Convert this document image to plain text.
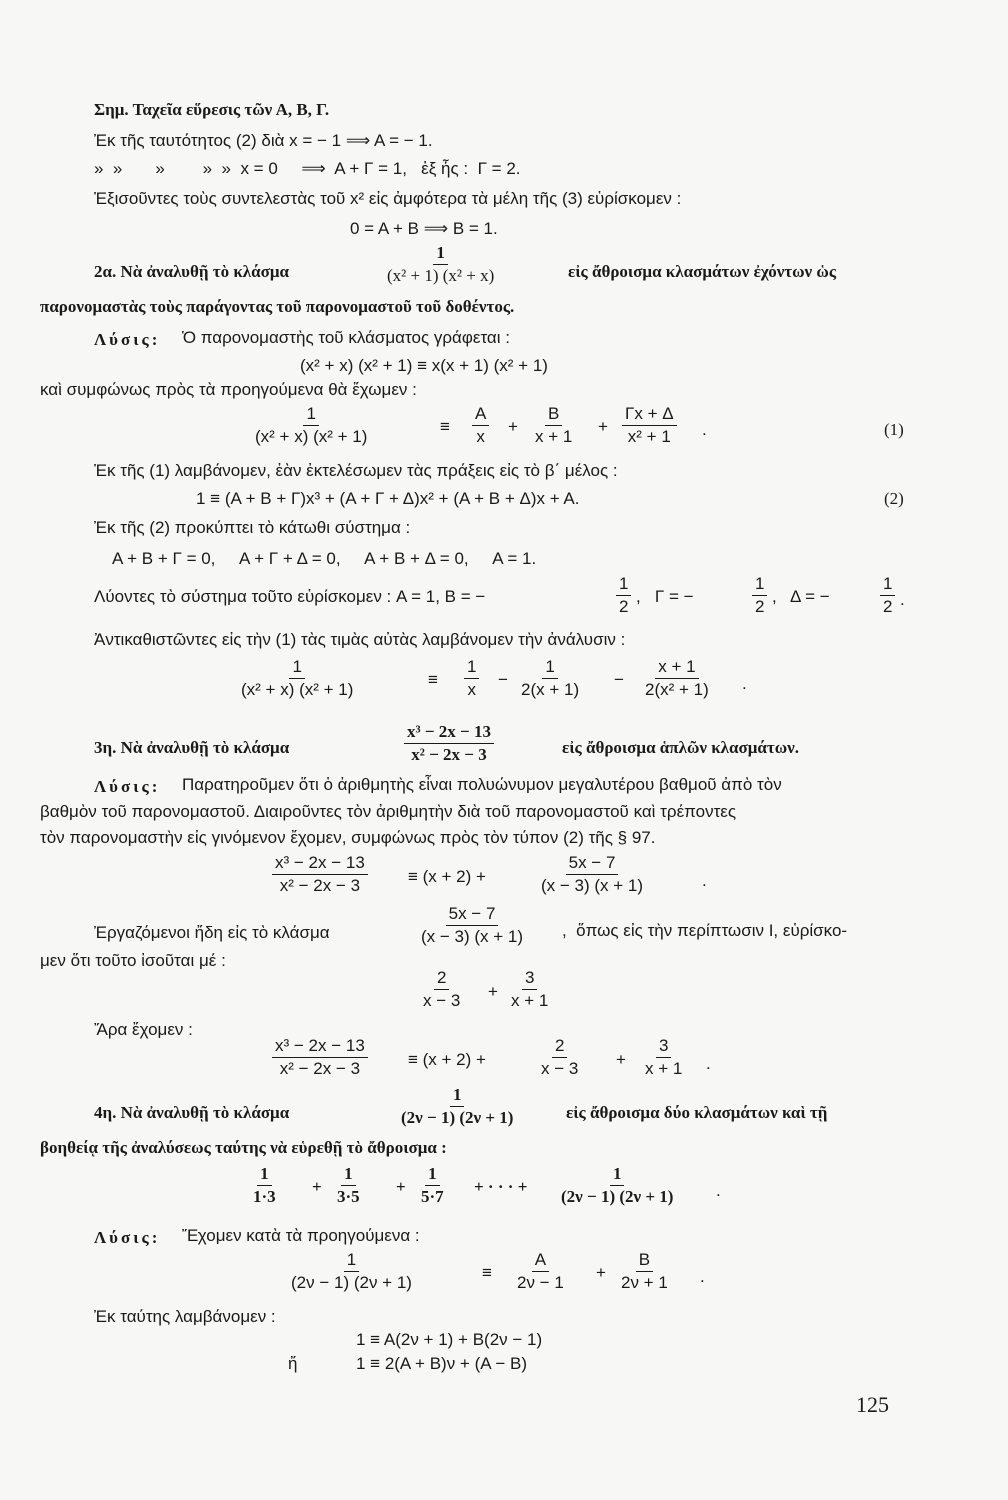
Σημ. Ταχεῖα εὕρεσις τῶν Α, Β, Γ.
Ἐκ τῆς ταυτότητος (2) διὰ x = − 1 ⟹ A = − 1.
»  »       »        »  »  x = 0     ⟹  A + Γ = 1,   ἐξ ἧς :  Γ = 2.
Ἐξισοῦντες τοὺς συντελεστὰς τοῦ x² εἰς ἀμφότερα τὰ μέλη τῆς (3) εὑρίσκομεν :
0 = A + B ⟹ B = 1.
2α. Νὰ ἀναλυθῇ τὸ κλάσμα	$\frac{1}{\text{(x² + 1) (x² + x)}}$	εἰς ἄθροισμα κλασμάτων ἐχόντων ὡς
παρονομαστὰς τοὺς παράγοντας τοῦ παρονομαστοῦ τοῦ δοθέντος.
Λύσις: Ὁ παρονομαστὴς τοῦ κλάσματος γράφεται :
(x² + x) (x² + 1) ≡ x(x + 1) (x² + 1)
καὶ συμφώνως πρὸς τὰ προηγούμενα θὰ ἔχωμεν :
$\frac{1}{\text{(x² + x) (x² + 1)}}$	≡ $\frac{A}{x} + \frac{B}{x + 1} + \frac{\Gamma x + \Delta}{\text{x² + 1}}$ .	(1)
Ἐκ τῆς (1) λαμβάνομεν, ἐὰν ἐκτελέσωμεν τὰς πράξεις εἰς τὸ β΄ μέλος :
1 ≡ (A + B + Γ)x³ + (A + Γ + Δ)x² + (A + B + Δ)x + A.	(2)
Ἐκ τῆς (2) προκύπτει τὸ κάτωθι σύστημα :
A + B + Γ = 0,     A + Γ + Δ = 0,     A + B + Δ = 0,     A = 1.
Λύοντες τὸ σύστημα τοῦτο εὑρίσκομεν : A = 1, B = −	$\frac{1}{2}$ ,   Γ = −	$\frac{1}{2}$ ,   Δ = −	$\frac{1}{2}$ .
Ἀντικαθιστῶντες εἰς τὴν (1) τὰς τιμὰς αὐτὰς λαμβάνομεν τὴν ἀνάλυσιν :
$\frac{1}{\text{(x² + x) (x² + 1)}}$	≡ $\frac{1}{x} - \frac{1}{2(x + 1)} - \frac{x + 1}{\text{2(x² + 1)}}$ .
3η. Νὰ ἀναλυθῇ τὸ κλάσμα	$\frac{\text{x³ − 2x − 13}}{\text{x² − 2x − 3}}$	εἰς ἄθροισμα ἁπλῶν κλασμάτων.
Λύσις: Παρατηροῦμεν ὅτι ὁ ἀριθμητὴς εἶναι πολυώνυμον μεγαλυτέρου βαθμοῦ ἀπὸ τὸν
βαθμὸν τοῦ παρονομαστοῦ. Διαιροῦντες τὸν ἀριθμητὴν διὰ τοῦ παρονομαστοῦ καὶ τρέποντες
τὸν παρονομαστὴν εἰς γινόμενον ἔχομεν, συμφώνως πρὸς τὸν τύπον (2) τῆς § 97.
$\frac{\text{x³ − 2x − 13}}{\text{x² − 2x − 3}} \equiv (x + 2)$ +	$\frac{5x - 7}{(x - 3) (x + 1)}$	.
Ἐργαζόμενοι ἤδη εἰς τὸ κλάσμα	$\frac{5x - 7}{(x - 3) (x + 1)}$ ,  ὅπως εἰς τὴν περίπτωσιν Ι, εὑρίσκο-
μεν ὅτι τοῦτο ἰσοῦται μέ :
$\frac{2}{x - 3} + \frac{3}{x + 1}$
Ἄρα ἔχομεν :
$\frac{\text{x³ − 2x − 13}}{\text{x² − 2x − 3}} \equiv (x + 2)$ +	$\frac{2}{x - 3} + \frac{3}{x + 1}$ .
4η. Νὰ ἀναλυθῇ τὸ κλάσμα	$\frac{1}{(2\nu - 1) (2\nu + 1)}$	εἰς ἄθροισμα δύο κλασμάτων καὶ τῇ
βοηθείᾳ τῆς ἀναλύσεως ταύτης νὰ εὑρεθῇ τὸ ἄθροισμα :
$\frac{1}{1\cdot 3} + \frac{1}{3\cdot 5} + \frac{1}{5\cdot 7}$ + · · · + $\frac{1}{(2\nu - 1) (2\nu + 1)}$ .
Λύσις: Ἔχομεν κατὰ τὰ προηγούμενα :
$\frac{1}{(2\nu - 1) (2\nu + 1)}$	≡ $\frac{A}{2\nu - 1} + \frac{B}{2\nu + 1}$ .
Ἐκ ταύτης λαμβάνομεν :
1 ≡ A(2ν + 1) + B(2ν − 1)
ἤ	1 ≡ 2(A + B)ν + (A − B)
125
